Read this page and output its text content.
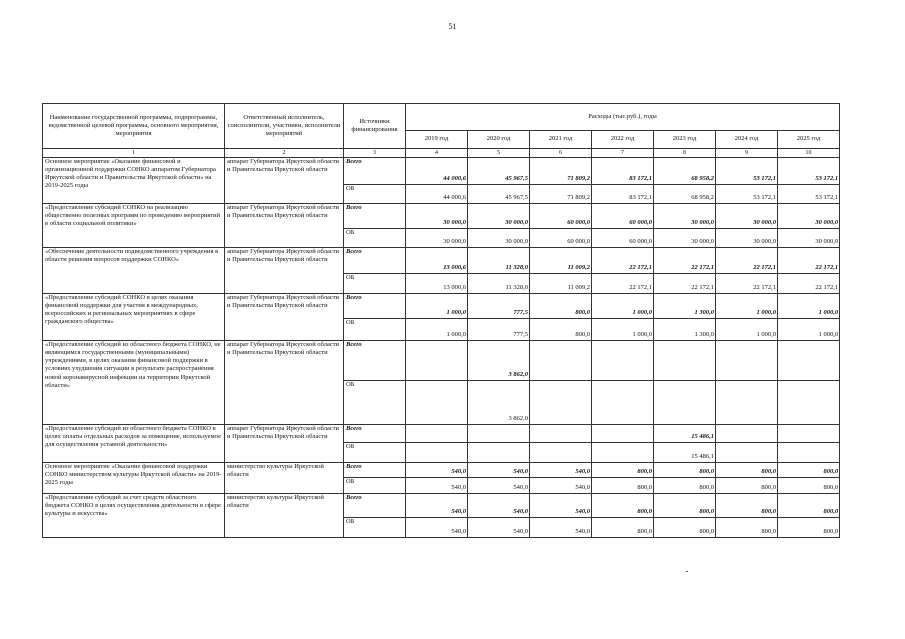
51
Наименование государственной программы, подпрограммы, ведомственной целевой программы, основного мероприятия, мероприятия	Ответственный исполнитель, соисполнители, участники, исполнители мероприятий	Источники финансирования	Расходы (тыс.руб.), годы						
			2019 год	2020 год	2021 год	2022 год	2023 год	2024 год	2025 год
1	2	3	4	5	6	7	8	9	10
Основное мероприятие «Оказание финансовой и организационной поддержки СОНКО аппаратом Губернатора Иркутской области и Правительства Иркутской области» на 2019-2025 годы	аппарат Губернатора Иркутской области и Правительства Иркутской области	Всего	44 000,6	45 967,5	71 809,2	83 172,1	68 958,2	53 172,1	53 172,1
		ОБ	44 000,6	45 967,5	71 809,2	83 172,1	68 958,2	53 172,1	53 172,1
«Предоставление субсидий СОНКО на реализацию общественно полезных программ по проведению мероприятий в области социальной политики»	аппарат Губернатора Иркутской области и Правительства Иркутской области	Всего	30 000,0	30 000,0	60 000,0	60 000,0	30 000,0	30 000,0	30 000,0
		ОБ	30 000,0	30 000,0	60 000,0	60 000,0	30 000,0	30 000,0	30 000,0
«Обеспечение деятельности подведомственного учреждения в области решения вопросов поддержки СОНКО»	аппарат Губернатора Иркутской области и Правительства Иркутской области	Всего	13 000,6	11 328,0	11 009,2	22 172,1	22 172,1	22 172,1	22 172,1
		ОБ	13 000,6	11 328,0	11 009,2	22 172,1	22 172,1	22 172,1	22 172,1
«Предоставление субсидий СОНКО в целях оказания финансовой поддержки для участия в международных, всероссийских и региональных мероприятиях в сфере гражданского общества»	аппарат Губернатора Иркутской области и Правительства Иркутской области	Всего	1 000,0	777,5	800,0	1 000,0	1 300,0	1 000,0	1 000,0
		ОБ	1 000,0	777,5	800,0	1 000,0	1 300,0	1 000,0	1 000,0
«Предоставление субсидий из областного бюджета СОНКО, не являющимся государственными (муниципальными) учреждениями, в целях оказания финансовой поддержки в условиях ухудшения ситуации в результате распространения новой коронавирусной инфекции на территории Иркутской области»	аппарат Губернатора Иркутской области и Правительства Иркутской области	Всего		3 862,0					
		ОБ		3 862,0					
«Предоставление субсидий из областного бюджета СОНКО в целях оплаты отдельных расходов за помещение, используемое для осуществления уставной деятельности»	аппарат Губернатора Иркутской области и Правительства Иркутской области	Всего					15 486,1		
		ОБ					15 486,1		
Основное мероприятие «Оказание финансовой поддержки СОНКО министерством культуры Иркутской области» на 2019-2025 годы	министерство культуры Иркутской области	Всего	540,0	540,0	540,0	800,0	800,0	800,0	800,0
		ОБ	540,0	540,0	540,0	800,0	800,0	800,0	800,0
«Предоставление субсидий за счет средств областного бюджета СОНКО в целях осуществления деятельности в сфере культуры и искусства»	министерство культуры Иркутской области	Всего	540,0	540,0	540,0	800,0	800,0	800,0	800,0
		ОБ	540,0	540,0	540,0	800,0	800,0	800,0	800,0
